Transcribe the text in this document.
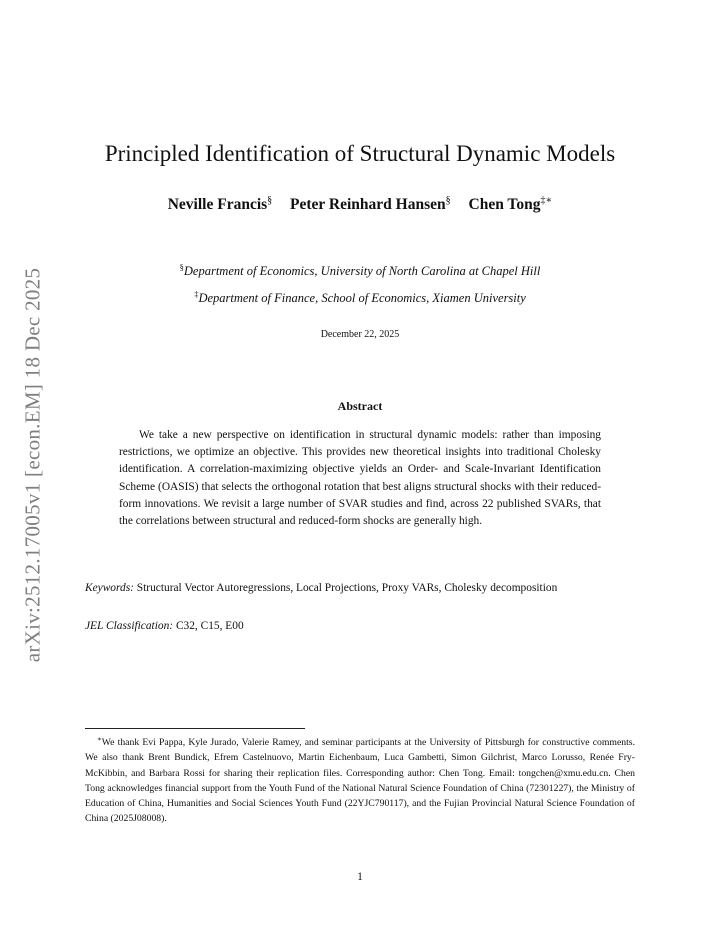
arXiv:2512.17005v1 [econ.EM] 18 Dec 2025
Principled Identification of Structural Dynamic Models
Neville Francis§ Peter Reinhard Hansen§ Chen Tong‡∗
§Department of Economics, University of North Carolina at Chapel Hill
‡Department of Finance, School of Economics, Xiamen University
December 22, 2025
Abstract

We take a new perspective on identification in structural dynamic models: rather than imposing restrictions, we optimize an objective. This provides new theoretical insights into traditional Cholesky identification. A correlation-maximizing objective yields an Order- and Scale-Invariant Identification Scheme (OASIS) that selects the orthogonal rotation that best aligns structural shocks with their reduced-form innovations. We revisit a large number of SVAR studies and find, across 22 published SVARs, that the correlations between structural and reduced-form shocks are generally high.

Keywords: Structural Vector Autoregressions, Local Projections, Proxy VARs, Cholesky decomposition
JEL Classification: C32, C15, E00

∗We thank Evi Pappa, Kyle Jurado, Valerie Ramey, and seminar participants at the University of Pittsburgh for constructive comments. We also thank Brent Bundick, Efrem Castelnuovo, Martin Eichenbaum, Luca Gambetti, Simon Gilchrist, Marco Lorusso, Renée Fry-McKibbin, and Barbara Rossi for sharing their replication files. Corresponding author: Chen Tong. Email: tongchen@xmu.edu.cn. Chen Tong acknowledges financial support from the Youth Fund of the National Natural Science Foundation of China (72301227), the Ministry of Education of China, Humanities and Social Sciences Youth Fund (22YJC790117), and the Fujian Provincial Natural Science Foundation of China (2025J08008).

1
